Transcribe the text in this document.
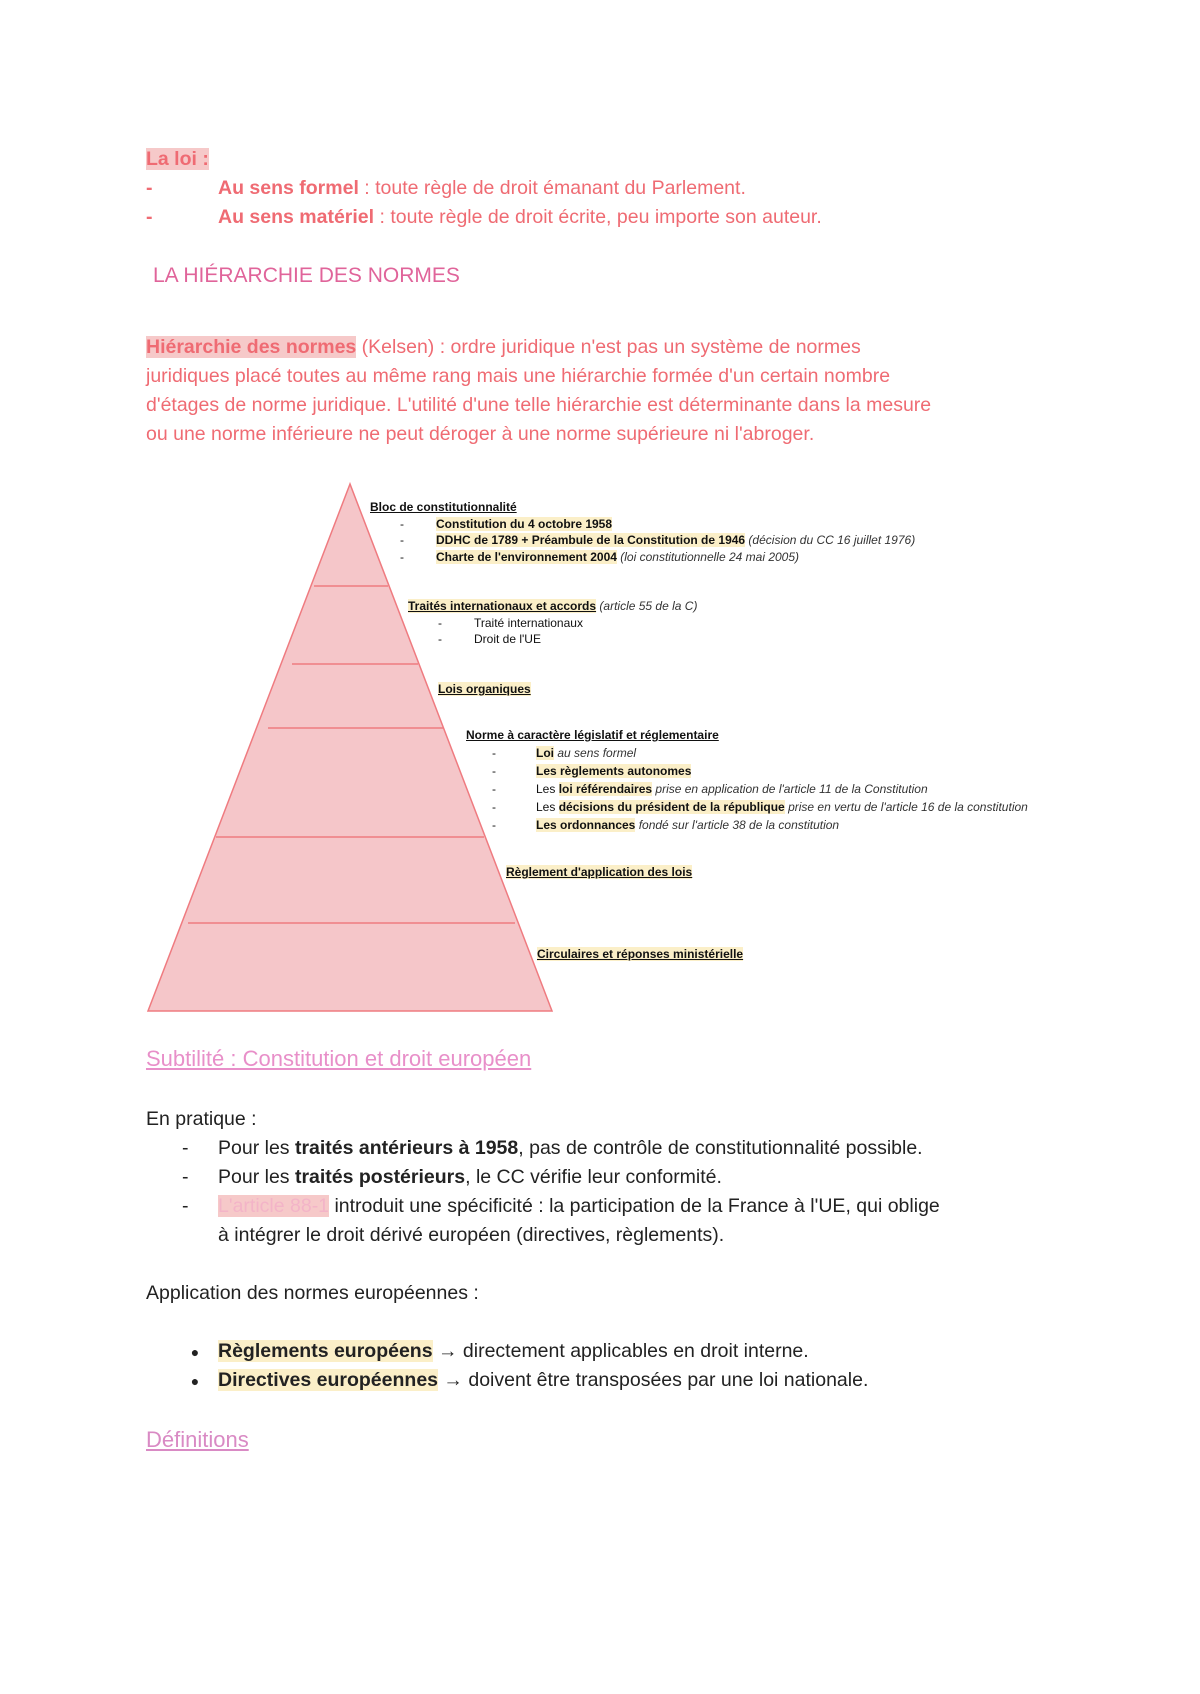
La loi :
-	Au sens formel : toute règle de droit émanant du Parlement.
-	Au sens matériel : toute règle de droit écrite, peu importe son auteur.
LA HIÉRARCHIE DES NORMES
Hiérarchie des normes (Kelsen) : ordre juridique n'est pas un système de normes
juridiques placé toutes au même rang mais une hiérarchie formée d'un certain nombre
d'étages de norme juridique. L'utilité d'une telle hiérarchie est déterminante dans la mesure
ou une norme inférieure ne peut déroger à une norme supérieure ni l'abroger.
Bloc de constitutionnalité
-	Constitution du 4 octobre 1958
-	DDHC de 1789 + Préambule de la Constitution de 1946 (décision du CC 16 juillet 1976)
-	Charte de l'environnement 2004 (loi constitutionnelle 24 mai 2005)
Traités internationaux et accords (article 55 de la C)
-	Traité internationaux
-	Droit de l'UE
Lois organiques
Norme à caractère législatif et réglementaire
-	Loi au sens formel
-	Les règlements autonomes
-	Les loi référendaires prise en application de l'article 11 de la Constitution
-	Les décisions du président de la république prise en vertu de l'article 16 de la constitution
-	Les ordonnances fondé sur l'article 38 de la constitution
Règlement d'application des lois
Circulaires et réponses ministérielle
Subtilité : Constitution et droit européen
En pratique :
- Pour les traités antérieurs à 1958, pas de contrôle de constitutionnalité possible.
- Pour les traités postérieurs, le CC vérifie leur conformité.
- L'article 88-1 introduit une spécificité : la participation de la France à l'UE, qui oblige
à intégrer le droit dérivé européen (directives, règlements).
Application des normes européennes :
● Règlements européens → directement applicables en droit interne.
● Directives européennes → doivent être transposées par une loi nationale.
Définitions
